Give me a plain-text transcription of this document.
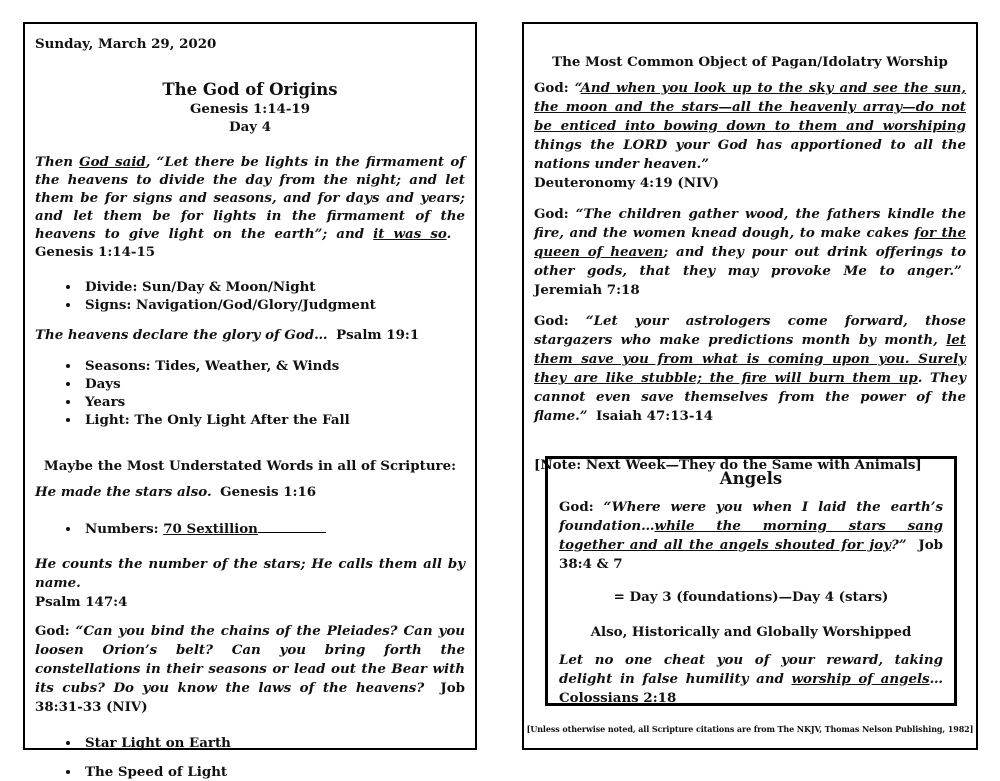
Sunday, March 29, 2020

The God of Origins
Genesis 1:14-19
Day 4

Then God said, “Let there be lights in the firmament of the heavens to divide the day from the night; and let them be for signs and seasons, and for days and years; and let them be for lights in the firmament of the heavens to give light on the earth”; and it was so.   Genesis 1:14-15

• Divide: Sun/Day & Moon/Night
• Signs: Navigation/God/Glory/Judgment

The heavens declare the glory of God… Psalm 19:1

• Seasons: Tides, Weather, & Winds
• Days
• Years
• Light: The Only Light After the Fall
Maybe the Most Understated Words in all of Scripture:

He made the stars also. Genesis 1:16

• Numbers: 70 Sextillion

He counts the number of the stars; He calls them all by name.
Psalm 147:4

God: “Can you bind the chains of the Pleiades? Can you loosen Orion’s belt? Can you bring forth the constellations in their seasons or lead out the Bear with its cubs? Do you know the laws of the heavens? Job 38:31-33 (NIV)

• Star Light on Earth
• The Speed of Light
The Most Common Object of Pagan/Idolatry Worship

God: “And when you look up to the sky and see the sun, the moon and the stars—all the heavenly array—do not be enticed into bowing down to them and worshiping things the LORD your God has apportioned to all the nations under heaven.”
Deuteronomy 4:19 (NIV)

God: “The children gather wood, the fathers kindle the fire, and the women knead dough, to make cakes for the queen of heaven; and they pour out drink offerings to other gods, that they may provoke Me to anger.”  Jeremiah 7:18

God: “Let your astrologers come forward, those stargazers who make predictions month by month, let them save you from what is coming upon you. Surely they are like stubble; the fire will burn them up. They cannot even save themselves from the power of the flame.” Isaiah 47:13-14

[Note: Next Week—They do the Same with Animals]

Angels

God: “Where were you when I laid the earth’s foundation…while the morning stars sang together and all the angels shouted for joy?” Job 38:4 & 7

= Day 3 (foundations)—Day 4 (stars)

Also, Historically and Globally Worshipped

Let no one cheat you of your reward, taking delight in false humility and worship of angels… Colossians 2:18

[Unless otherwise noted, all Scripture citations are from The NKJV, Thomas Nelson Publishing, 1982]
